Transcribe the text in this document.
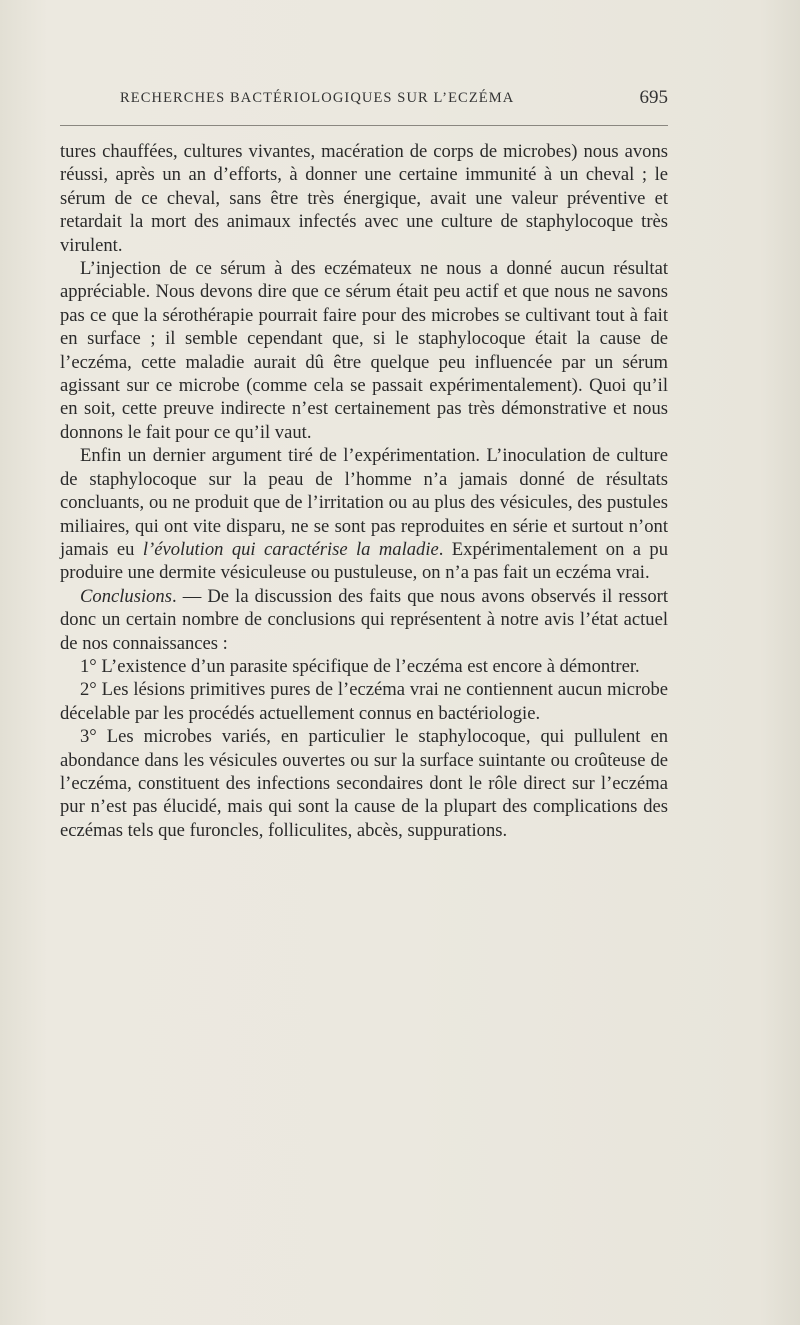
RECHERCHES BACTÉRIOLOGIQUES SUR L’ECZÉMA	695

tures chauffées, cultures vivantes, macération de corps de microbes) nous avons réussi, après un an d’efforts, à donner une certaine immunité à un cheval ; le sérum de ce cheval, sans être très énergique, avait une valeur préventive et retardait la mort des animaux infectés avec une culture de staphylocoque très virulent.

L’injection de ce sérum à des eczémateux ne nous a donné aucun résultat appréciable. Nous devons dire que ce sérum était peu actif et que nous ne savons pas ce que la sérothérapie pourrait faire pour des microbes se cultivant tout à fait en surface ; il semble cependant que, si le staphylocoque était la cause de l’eczéma, cette maladie aurait dû être quelque peu influencée par un sérum agissant sur ce microbe (comme cela se passait expérimentalement). Quoi qu’il en soit, cette preuve indirecte n’est certainement pas très démonstrative et nous donnons le fait pour ce qu’il vaut.

Enfin un dernier argument tiré de l’expérimentation. L’inoculation de culture de staphylocoque sur la peau de l’homme n’a jamais donné de résultats concluants, ou ne produit que de l’irritation ou au plus des vésicules, des pustules miliaires, qui ont vite disparu, ne se sont pas reproduites en série et surtout n’ont jamais eu l’évolution qui caractérise la maladie. Expérimentalement on a pu produire une dermite vésiculeuse ou pustuleuse, on n’a pas fait un eczéma vrai.

Conclusions. — De la discussion des faits que nous avons observés il ressort donc un certain nombre de conclusions qui représentent à notre avis l’état actuel de nos connaissances :

1° L’existence d’un parasite spécifique de l’eczéma est encore à démontrer.

2° Les lésions primitives pures de l’eczéma vrai ne contiennent aucun microbe décelable par les procédés actuellement connus en bactériologie.

3° Les microbes variés, en particulier le staphylocoque, qui pullulent en abondance dans les vésicules ouvertes ou sur la surface suintante ou croûteuse de l’eczéma, constituent des infections secondaires dont le rôle direct sur l’eczéma pur n’est pas élucidé, mais qui sont la cause de la plupart des complications des eczémas tels que furoncles, folliculites, abcès, suppurations.
